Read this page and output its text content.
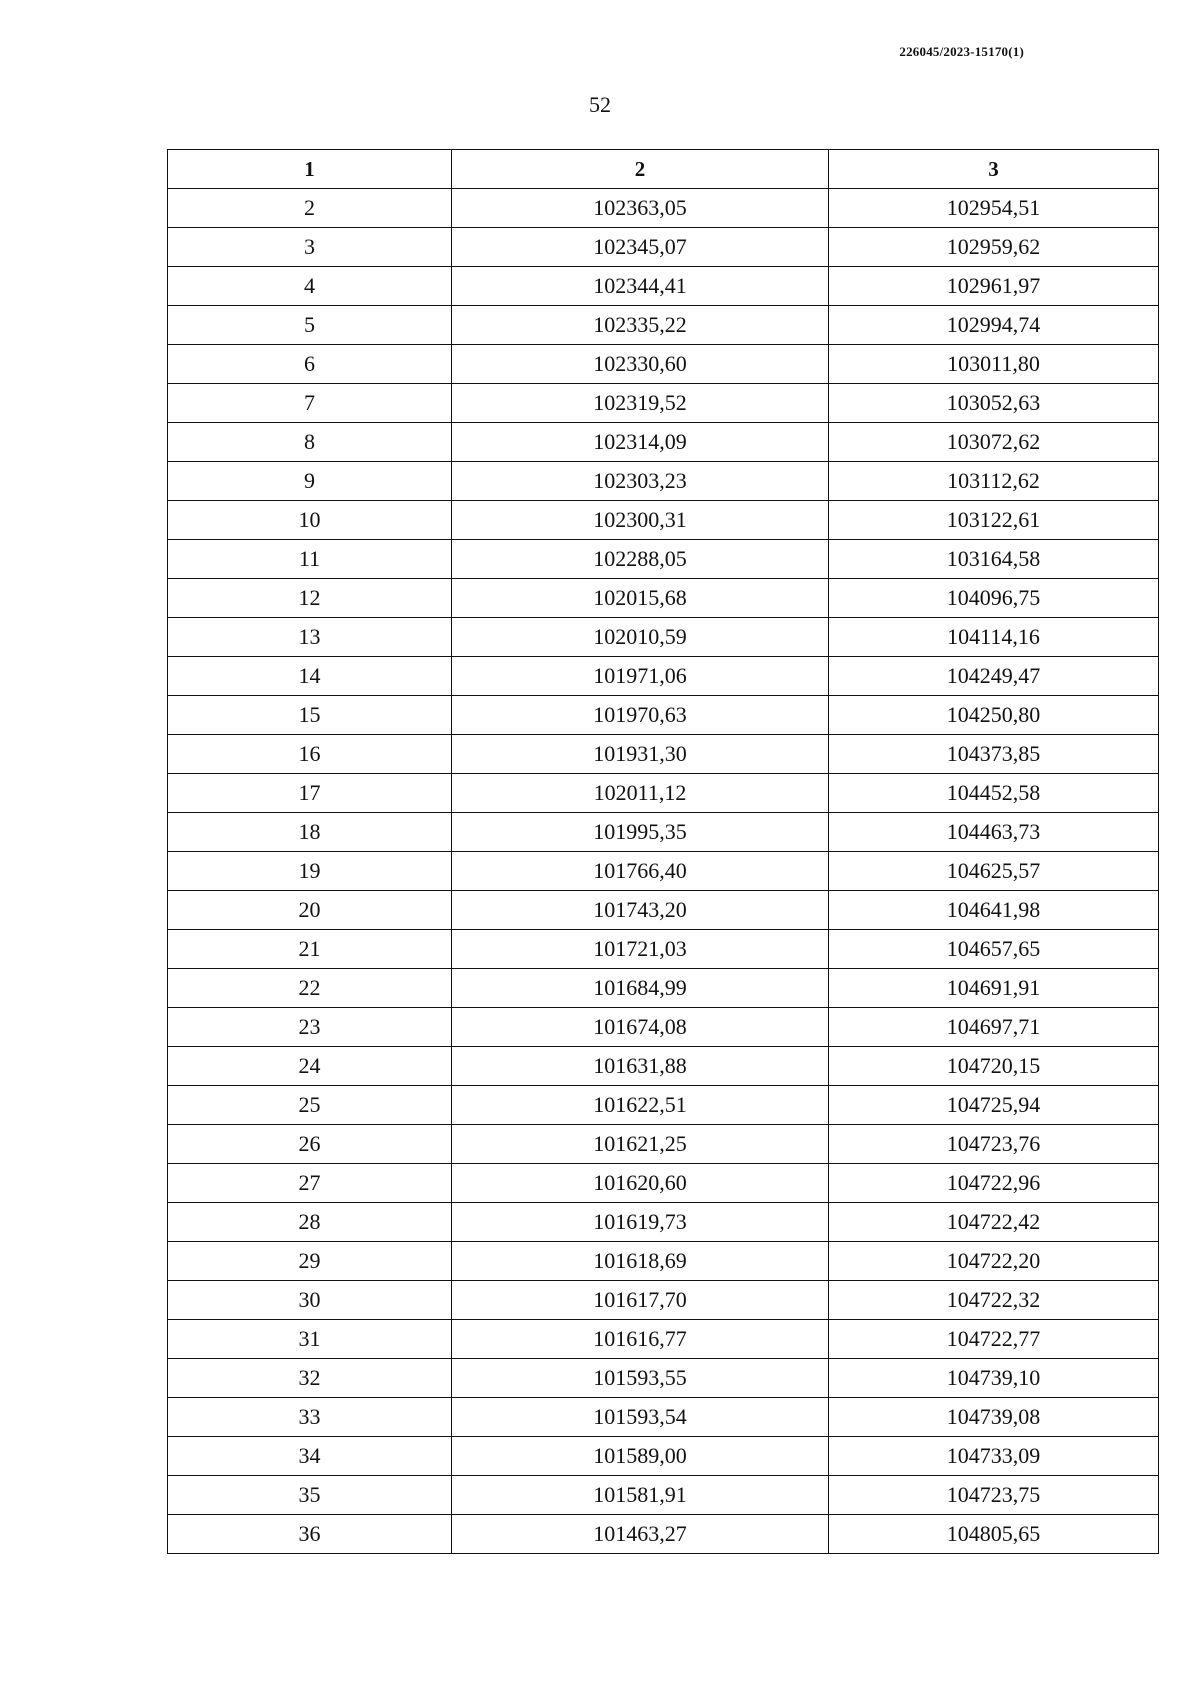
226045/2023-15170(1)
52
1	2	3
2	102363,05	102954,51
3	102345,07	102959,62
4	102344,41	102961,97
5	102335,22	102994,74
6	102330,60	103011,80
7	102319,52	103052,63
8	102314,09	103072,62
9	102303,23	103112,62
10	102300,31	103122,61
11	102288,05	103164,58
12	102015,68	104096,75
13	102010,59	104114,16
14	101971,06	104249,47
15	101970,63	104250,80
16	101931,30	104373,85
17	102011,12	104452,58
18	101995,35	104463,73
19	101766,40	104625,57
20	101743,20	104641,98
21	101721,03	104657,65
22	101684,99	104691,91
23	101674,08	104697,71
24	101631,88	104720,15
25	101622,51	104725,94
26	101621,25	104723,76
27	101620,60	104722,96
28	101619,73	104722,42
29	101618,69	104722,20
30	101617,70	104722,32
31	101616,77	104722,77
32	101593,55	104739,10
33	101593,54	104739,08
34	101589,00	104733,09
35	101581,91	104723,75
36	101463,27	104805,65
